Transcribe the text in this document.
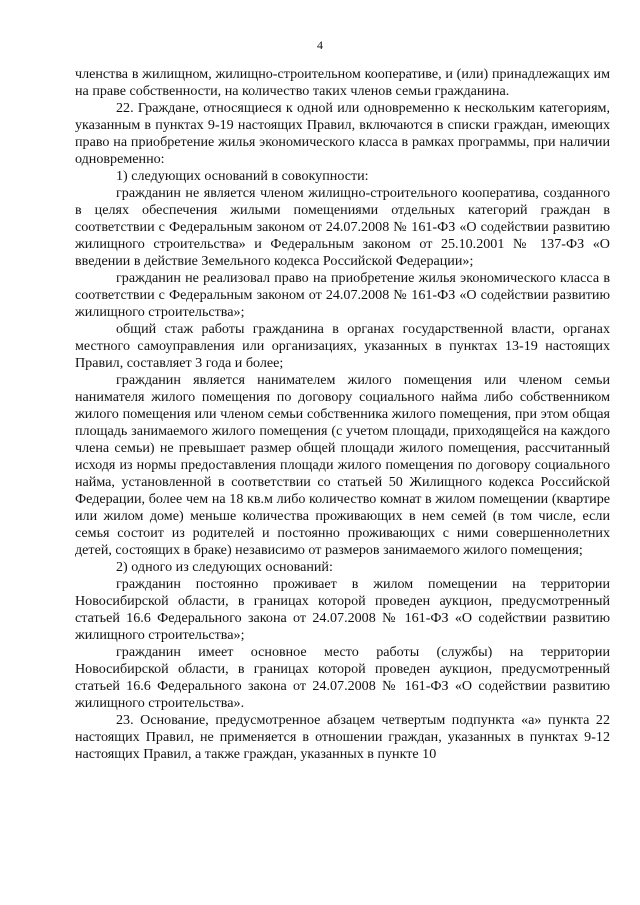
4

членства в жилищном, жилищно-строительном кооперативе, и (или) принадлежащих им на праве собственности, на количество таких членов семьи гражданина.

22. Граждане, относящиеся к одной или одновременно к нескольким категориям, указанным в пунктах 9-19 настоящих Правил, включаются в списки граждан, имеющих право на приобретение жилья экономического класса в рамках программы, при наличии одновременно:

1) следующих оснований в совокупности:

гражданин не является членом жилищно-строительного кооператива, созданного в целях обеспечения жилыми помещениями отдельных категорий граждан в соответствии с Федеральным законом от 24.07.2008 № 161-ФЗ «О содействии развитию жилищного строительства» и Федеральным законом от 25.10.2001 № 137-ФЗ «О введении в действие Земельного кодекса Российской Федерации»;

гражданин не реализовал право на приобретение жилья экономического класса в соответствии с Федеральным законом от 24.07.2008 № 161-ФЗ «О содействии развитию жилищного строительства»;

общий стаж работы гражданина в органах государственной власти, органах местного самоуправления или организациях, указанных в пунктах 13-19 настоящих Правил, составляет 3 года и более;

гражданин является нанимателем жилого помещения или членом семьи нанимателя жилого помещения по договору социального найма либо собственником жилого помещения или членом семьи собственника жилого помещения, при этом общая площадь занимаемого жилого помещения (с учетом площади, приходящейся на каждого члена семьи) не превышает размер общей площади жилого помещения, рассчитанный исходя из нормы предоставления площади жилого помещения по договору социального найма, установленной в соответствии со статьей 50 Жилищного кодекса Российской Федерации, более чем на 18 кв.м либо количество комнат в жилом помещении (квартире или жилом доме) меньше количества проживающих в нем семей (в том числе, если семья состоит из родителей и постоянно проживающих с ними совершеннолетних детей, состоящих в браке) независимо от размеров занимаемого жилого помещения;

2) одного из следующих оснований:

гражданин постоянно проживает в жилом помещении на территории Новосибирской области, в границах которой проведен аукцион, предусмотренный статьей 16.6 Федерального закона от 24.07.2008 № 161-ФЗ «О содействии развитию жилищного строительства»;

гражданин имеет основное место работы (службы) на территории Новосибирской области, в границах которой проведен аукцион, предусмотренный статьей 16.6 Федерального закона от 24.07.2008 № 161-ФЗ «О содействии развитию жилищного строительства».

23. Основание, предусмотренное абзацем четвертым подпункта «а» пункта 22 настоящих Правил, не применяется в отношении граждан, указанных в пунктах 9-12 настоящих Правил, а также граждан, указанных в пункте 10
